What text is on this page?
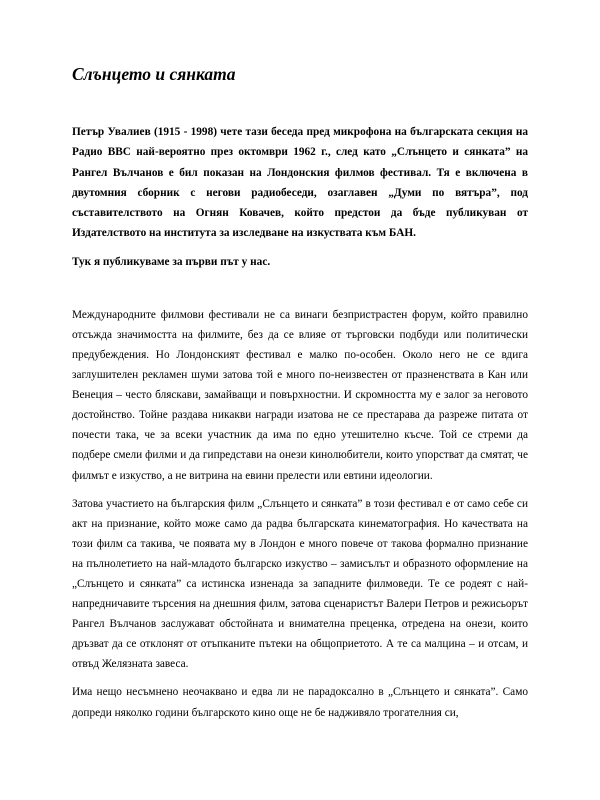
Слънцето и сянката

Петър Увалиев (1915 - 1998) чете тази беседа пред микрофона на българската секция на Радио ВВС най-вероятно през октомври 1962 г., след като „Слънцето и сянката” на Рангел Вълчанов е бил показан на Лондонския филмов фестивал. Тя е включена в двутомния сборник с негови радиобеседи, озаглавен „Думи по вятъра”, под съставителството на Огнян Ковачев, който предстои да бъде публикуван от Издателството на института за изследване на изкуствата към БАН.

Тук я публикуваме за първи път у нас.

Международните филмови фестивали не са винаги безпристрастен форум, който правилно отсъжда значимостта на филмите, без да се влияе от търговски подбуди или политически предубеждения. Но Лондонският фестивал е малко по-особен. Около него не се вдига заглушителен рекламен шуми затова той е много по-неизвестен от празненствата в Кан или Венеция – често бляскави, замайващи и повърхностни. И скромността му е залог за неговото достойнство. Тойне раздава никакви награди изатова не се престарава да разреже питата от почести така, че за всеки участник да има по едно утешително късче. Той се стреми да подбере смели филми и да гипредстави на онези кинолюбители, които упорстват да смятат, че филмът е изкуство, а не витрина на евини прелести или евтини идеологии.

Затова участието на българския филм „Слънцето и сянката” в този фестивал е от само себе си акт на признание, който може само да радва българската кинематография. Но качествата на този филм са такива, че появата му в Лондон е много повече от такова формално признание на пълнолетието на най-младото българско изкуство – замисълът и образното оформление на „Слънцето и сянката” са истинска изненада за западните филмоведи. Те се родеят с най-напредничавите търсения на днешния филм, затова сценаристът Валери Петров и режисьорът Рангел Вълчанов заслужават обстойната и внимателна преценка, отредена на онези, които дръзват да се отклонят от отъпканите пътеки на общоприетото. А те са малцина – и отсам, и отвъд Желязната завеса.

Има нещо несъмнено неочаквано и едва ли не парадоксално в „Слънцето и сянката”. Само допреди няколко години българското кино още не бе надживяло трогателния си,
